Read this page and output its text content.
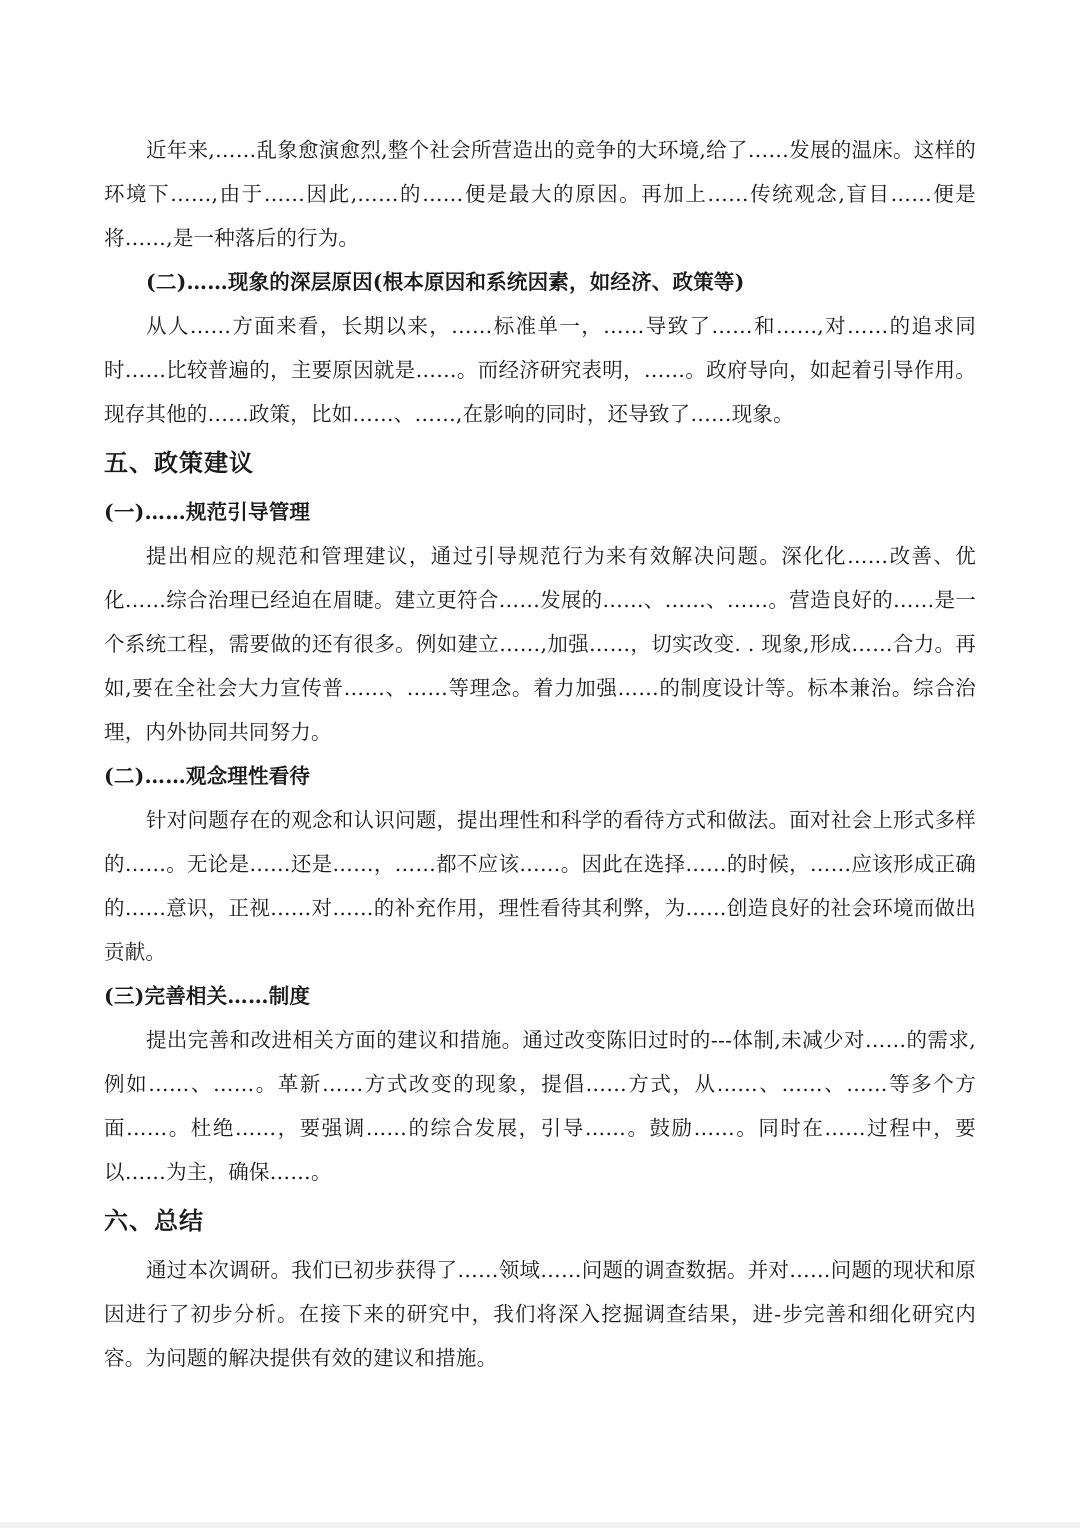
近年来,……乱象愈演愈烈,整个社会所营造出的竞争的大环境,给了……发展的温床。这样的环境下……,由于……因此,……的……便是最大的原因。再加上……传统观念,盲目……便是将……,是一种落后的行为。

(二)……现象的深层原因(根本原因和系统因素，如经济、政策等)

从人……方面来看，长期以来，……标准单一，……导致了……和……,对……的追求同时……比较普遍的，主要原因就是……。而经济研究表明，……。政府导向，如起着引导作用。现存其他的……政策，比如……、……,在影响的同时，还导致了……现象。

五、政策建议

(一)……规范引导管理

提出相应的规范和管理建议，通过引导规范行为来有效解决问题。深化化……改善、优化……综合治理已经迫在眉睫。建立更符合……发展的……、……、……。营造良好的……是一个系统工程，需要做的还有很多。例如建立……,加强……，切实改变. . 现象,形成……合力。再如,要在全社会大力宣传普……、……等理念。着力加强……的制度设计等。标本兼治。综合治理，内外协同共同努力。

(二)……观念理性看待

针对问题存在的观念和认识问题，提出理性和科学的看待方式和做法。面对社会上形式多样的……。无论是……还是……，……都不应该……。因此在选择……的时候，……应该形成正确的……意识，正视……对……的补充作用，理性看待其利弊，为……创造良好的社会环境而做出贡献。

(三)完善相关……制度

提出完善和改进相关方面的建议和措施。通过改变陈旧过时的---体制,未减少对……的需求,例如……、……。革新……方式改变的现象，提倡……方式，从……、……、……等多个方面……。杜绝……，要强调……的综合发展，引导……。鼓励……。同时在……过程中，要以……为主，确保……。

六、总结

通过本次调研。我们已初步获得了……领域……问题的调查数据。并对……问题的现状和原因进行了初步分析。在接下来的研究中，我们将深入挖掘调查结果，进-步完善和细化研究内容。为问题的解决提供有效的建议和措施。
